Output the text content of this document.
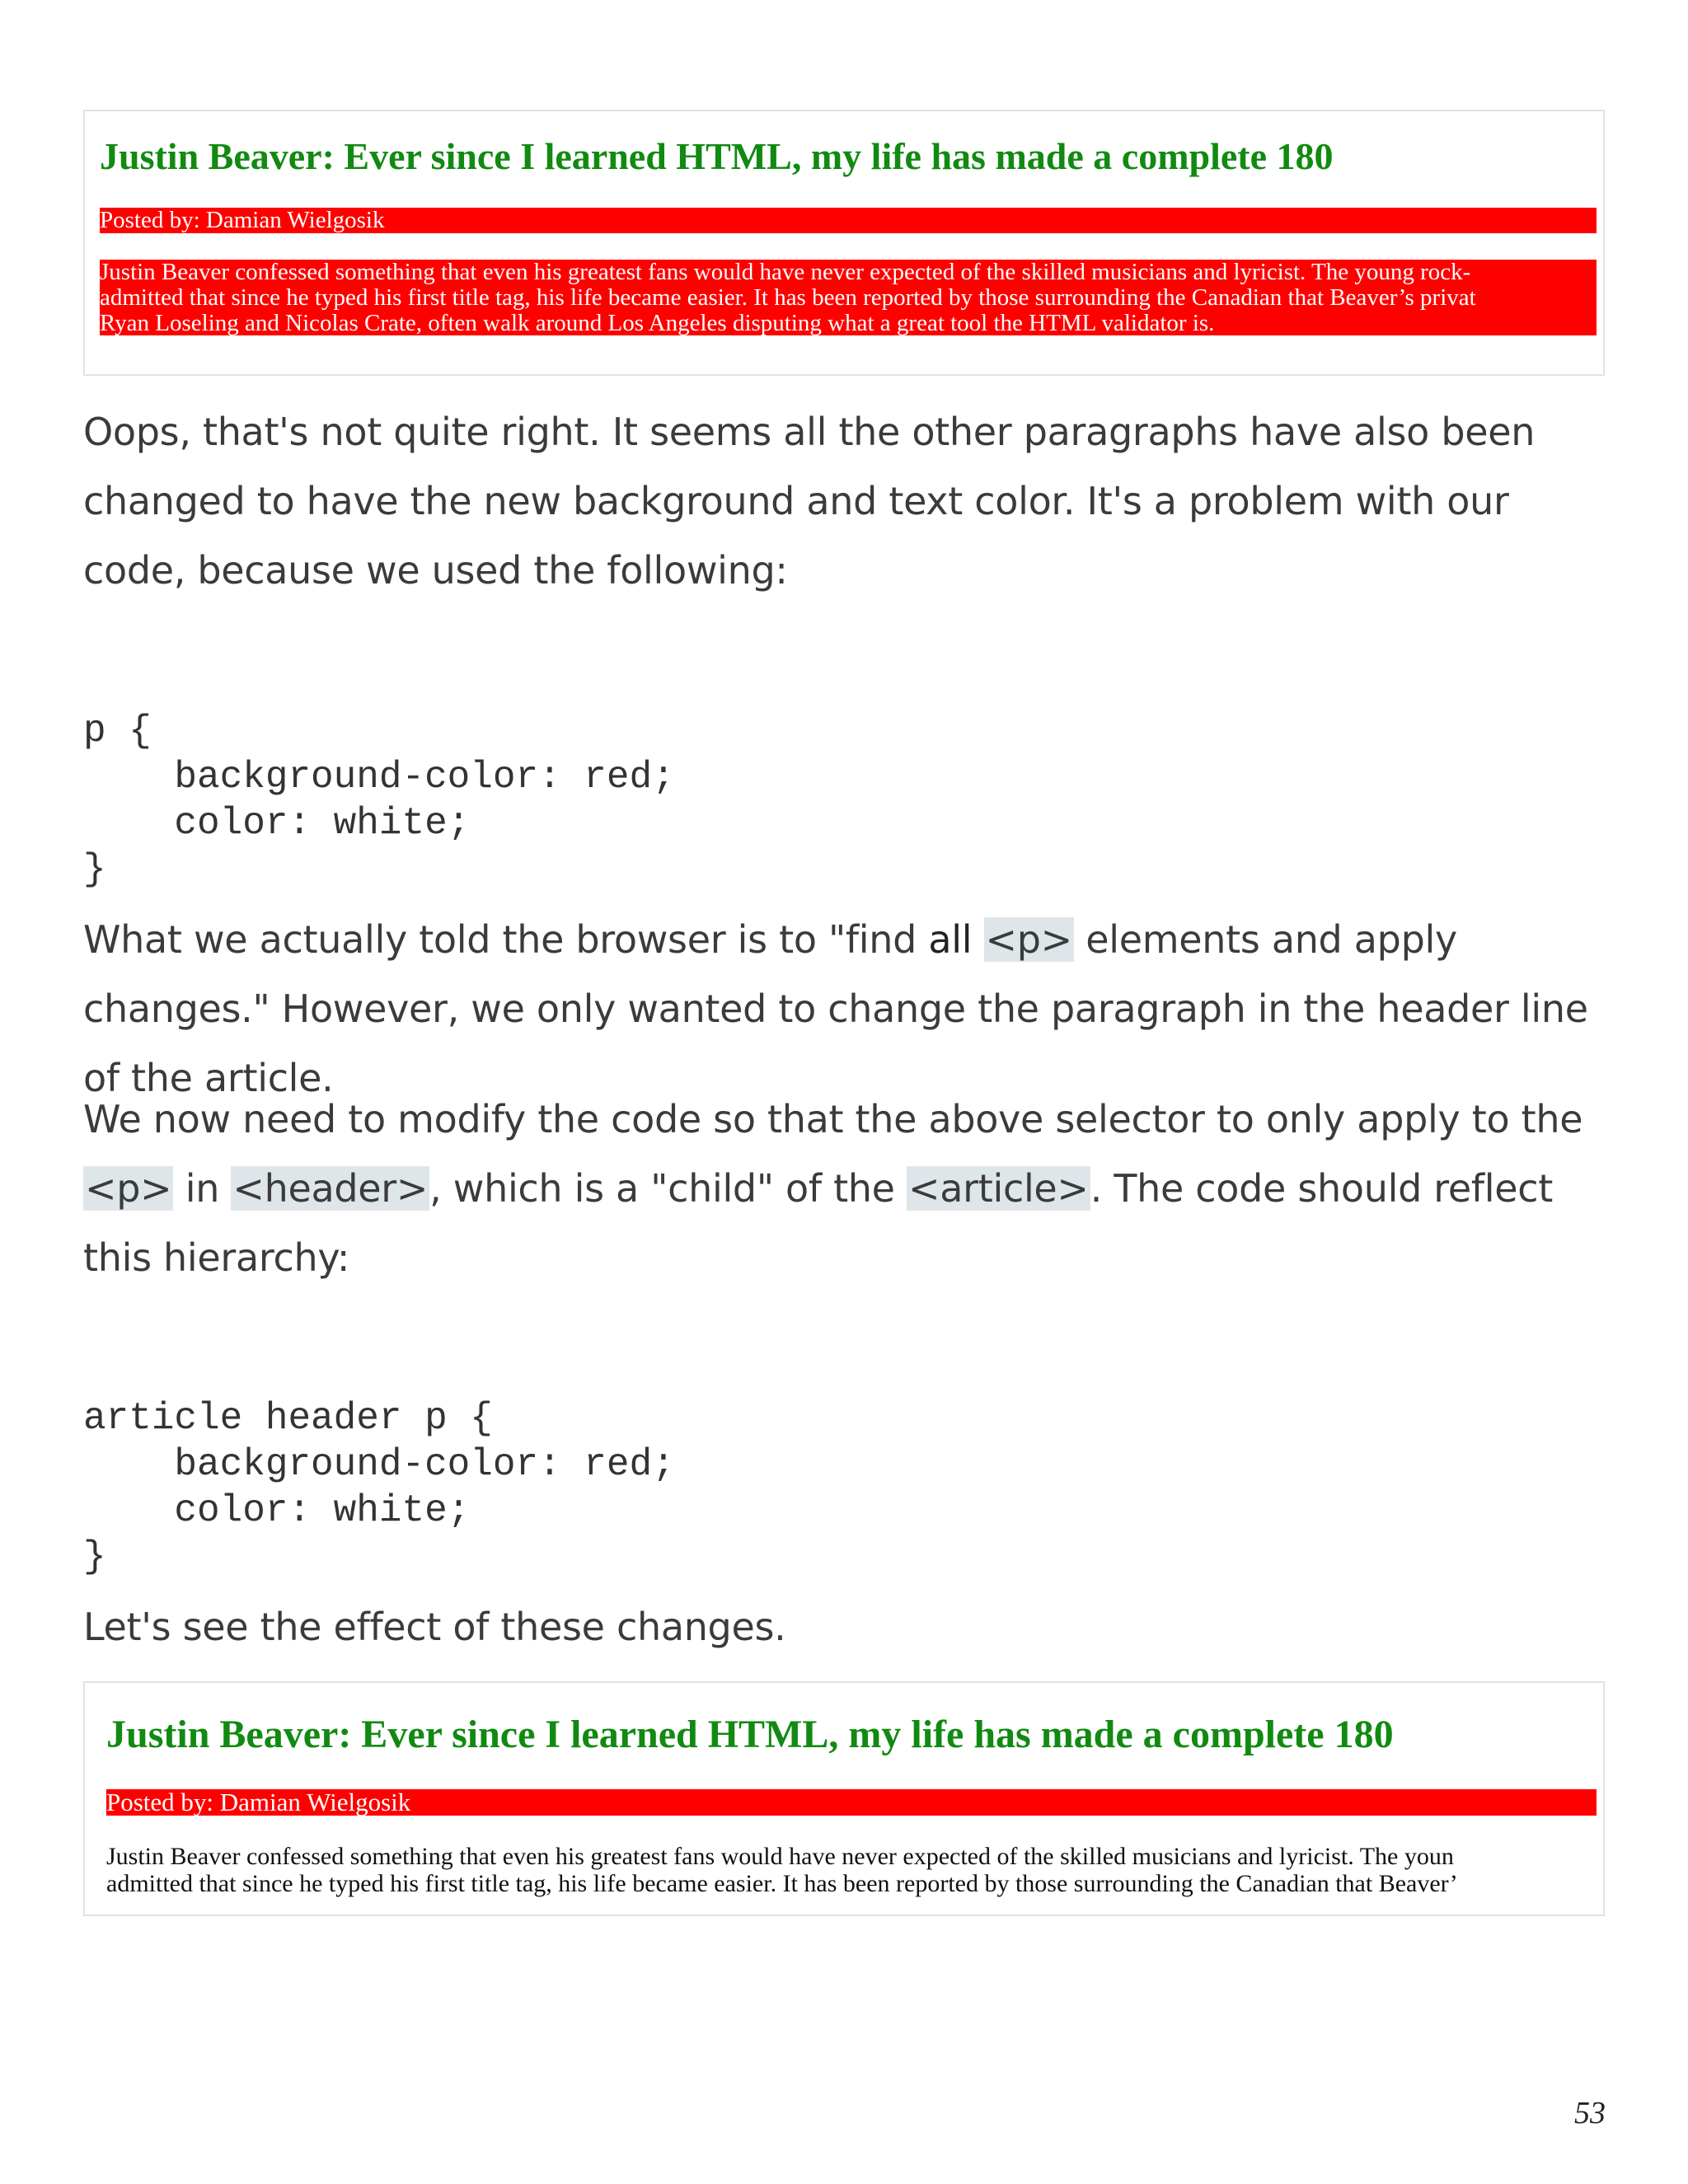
Justin Beaver: Ever since I learned HTML, my life has made a complete 180
Posted by: Damian Wielgosik
Justin Beaver confessed something that even his greatest fans would have never expected of the skilled musicians and lyricist. The young rock-
admitted that since he typed his first title tag, his life became easier. It has been reported by those surrounding the Canadian that Beaver’s privat
Ryan Loseling and Nicolas Crate, often walk around Los Angeles disputing what a great tool the HTML validator is.

Oops, that's not quite right. It seems all the other paragraphs have also been changed to have the new background and text color. It's a problem with our code, because we used the following:

p {
background-color: red;
color: white;
}

What we actually told the browser is to "find all <p> elements and apply changes." However, we only wanted to change the paragraph in the header line of the article.

We now need to modify the code so that the above selector to only apply to the <p> in <header>, which is a "child" of the <article>. The code should reflect this hierarchy:

article header p {
background-color: red;
color: white;
}

Let's see the effect of these changes.

Justin Beaver: Ever since I learned HTML, my life has made a complete 180
Posted by: Damian Wielgosik
Justin Beaver confessed something that even his greatest fans would have never expected of the skilled musicians and lyricist. The youn
admitted that since he typed his first title tag, his life became easier. It has been reported by those surrounding the Canadian that Beaver’
53
